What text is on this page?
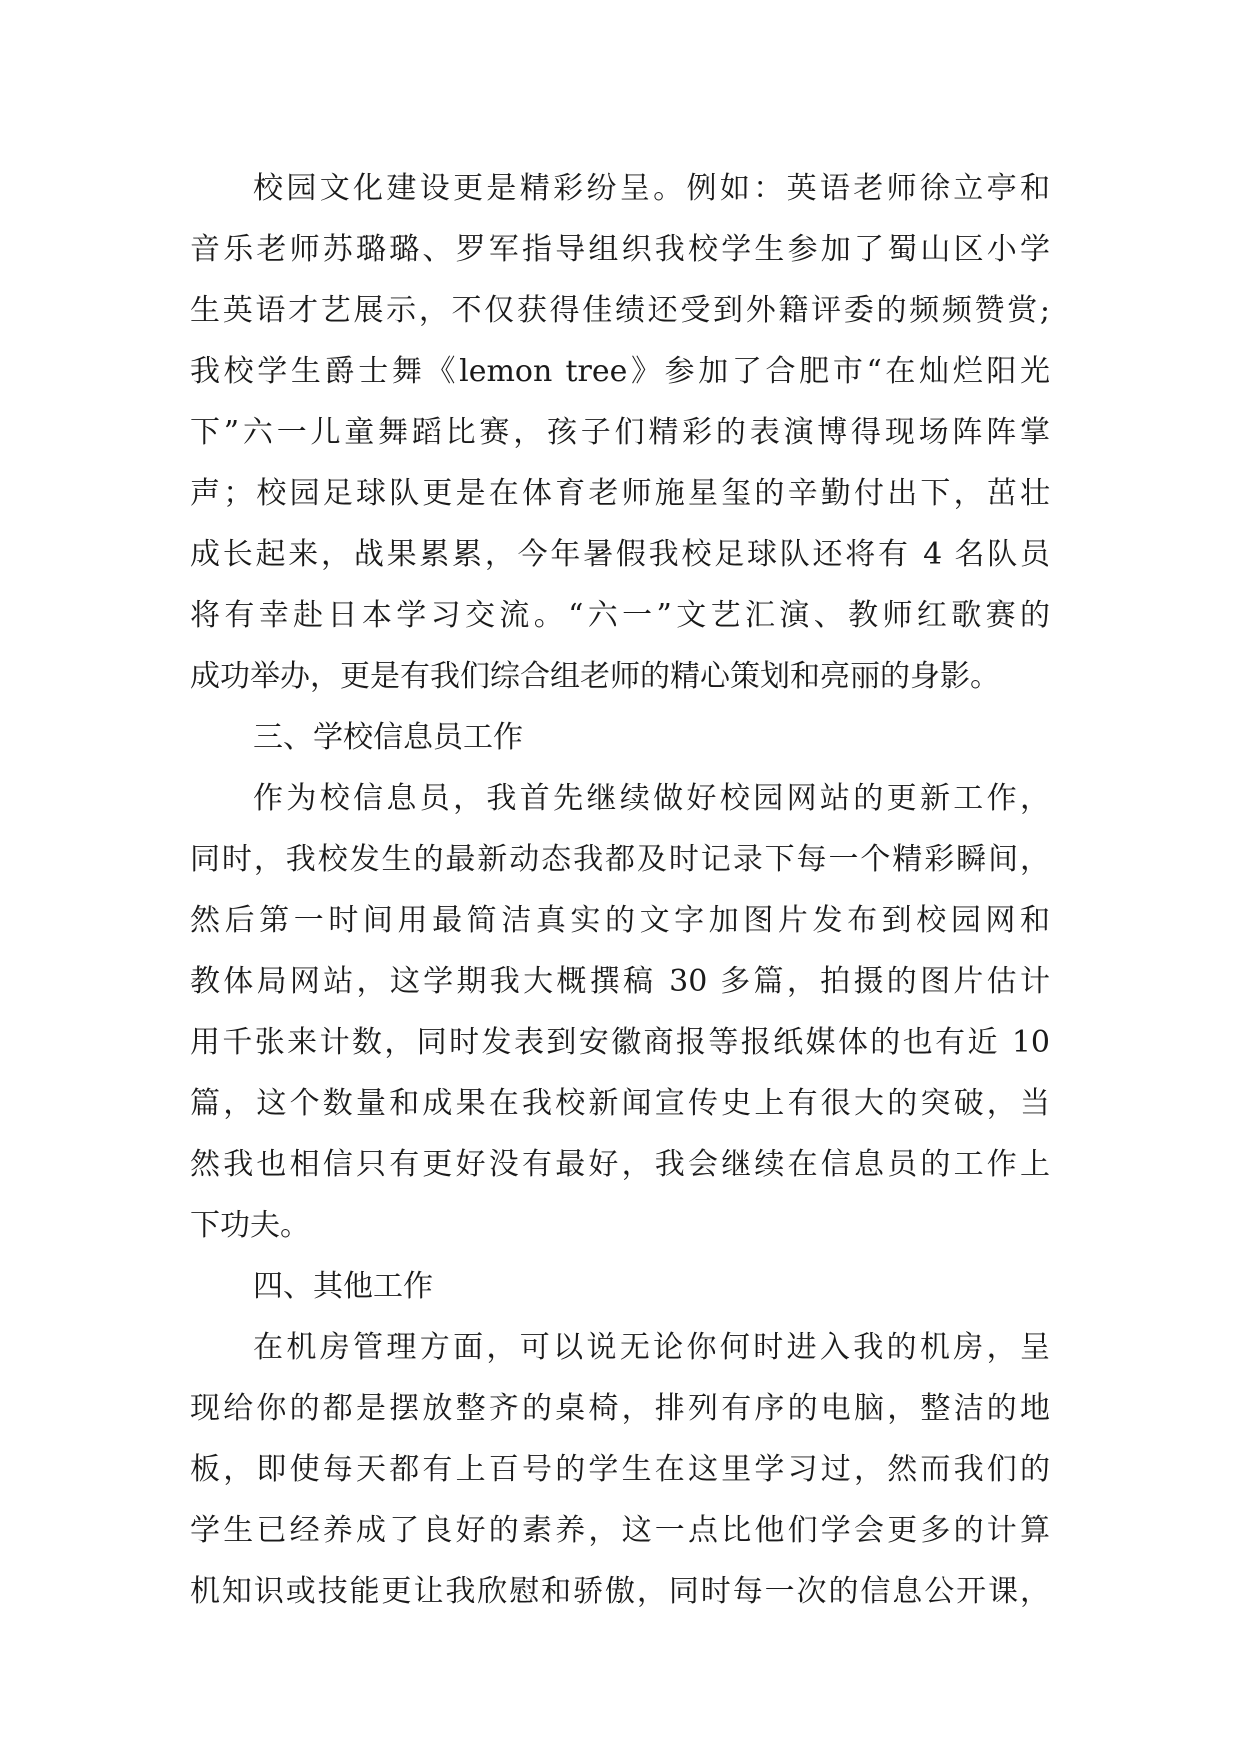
校园文化建设更是精彩纷呈。例如：英语老师徐立亭和
音乐老师苏璐璐、罗军指导组织我校学生参加了蜀山区小学
生英语才艺展示，不仅获得佳绩还受到外籍评委的频频赞赏;
我校学生爵士舞《lemon tree》参加了合肥市“在灿烂阳光
下”六一儿童舞蹈比赛，孩子们精彩的表演博得现场阵阵掌
声；校园足球队更是在体育老师施星玺的辛勤付出下，茁壮
成长起来，战果累累，今年暑假我校足球队还将有 4 名队员
将有幸赴日本学习交流。“六一”文艺汇演、教师红歌赛的
成功举办，更是有我们综合组老师的精心策划和亮丽的身影。
三、学校信息员工作
作为校信息员，我首先继续做好校园网站的更新工作，
同时，我校发生的最新动态我都及时记录下每一个精彩瞬间，
然后第一时间用最简洁真实的文字加图片发布到校园网和
教体局网站，这学期我大概撰稿 30 多篇，拍摄的图片估计
用千张来计数，同时发表到安徽商报等报纸媒体的也有近 10
篇，这个数量和成果在我校新闻宣传史上有很大的突破，当
然我也相信只有更好没有最好，我会继续在信息员的工作上
下功夫。
四、其他工作
在机房管理方面，可以说无论你何时进入我的机房，呈
现给你的都是摆放整齐的桌椅，排列有序的电脑，整洁的地
板，即使每天都有上百号的学生在这里学习过，然而我们的
学生已经养成了良好的素养，这一点比他们学会更多的计算
机知识或技能更让我欣慰和骄傲，同时每一次的信息公开课，
